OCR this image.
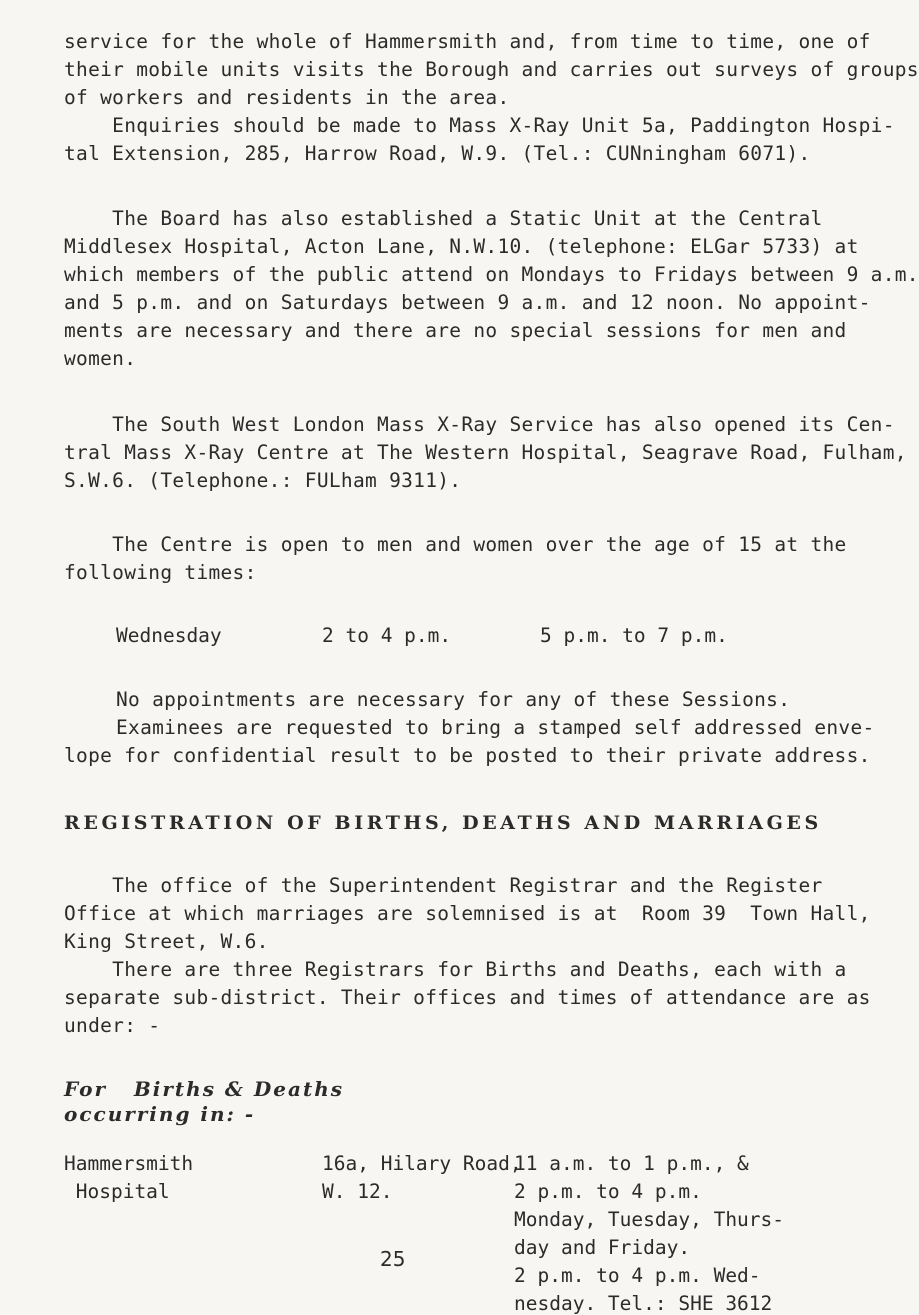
service for the whole of Hammersmith and, from time to time, one of
their mobile units visits the Borough and carries out surveys of groups
of workers and residents in the area.
Enquiries should be made to Mass X-Ray Unit 5a, Paddington Hospi-
tal Extension, 285, Harrow Road, W.9. (Tel.: CUNningham 6071).
The Board has also established a Static Unit at the Central
Middlesex Hospital, Acton Lane, N.W.10. (telephone: ELGar 5733) at
which members of the public attend on Mondays to Fridays between 9 a.m.
and 5 p.m. and on Saturdays between 9 a.m. and 12 noon. No appoint-
ments are necessary and there are no special sessions for men and
women.
The South West London Mass X-Ray Service has also opened its Cen-
tral Mass X-Ray Centre at The Western Hospital, Seagrave Road, Fulham,
S.W.6. (Telephone.: FULham 9311).
The Centre is open to men and women over the age of 15 at the
following times:
Wednesday	2 to 4 p.m.	5 p.m. to 7 p.m.
No appointments are necessary for any of these Sessions.
Examinees are requested to bring a stamped self addressed enve-
lope for confidential result to be posted to their private address.
REGISTRATION OF BIRTHS, DEATHS AND MARRIAGES
The office of the Superintendent Registrar and the Register
Office at which marriages are solemnised is at  Room 39  Town Hall,
King Street, W.6.
There are three Registrars for Births and Deaths, each with a
separate sub-district. Their offices and times of attendance are as
under: -
For   Births & Deaths
occurring in: -
Hammersmith
Hospital
16a, Hilary Road,
W. 12.
11 a.m. to 1 p.m., &
2 p.m. to 4 p.m.
25
Monday, Tuesday, Thurs-
day and Friday.
2 p.m. to 4 p.m. Wed-
nesday. Tel.: SHE 3612
